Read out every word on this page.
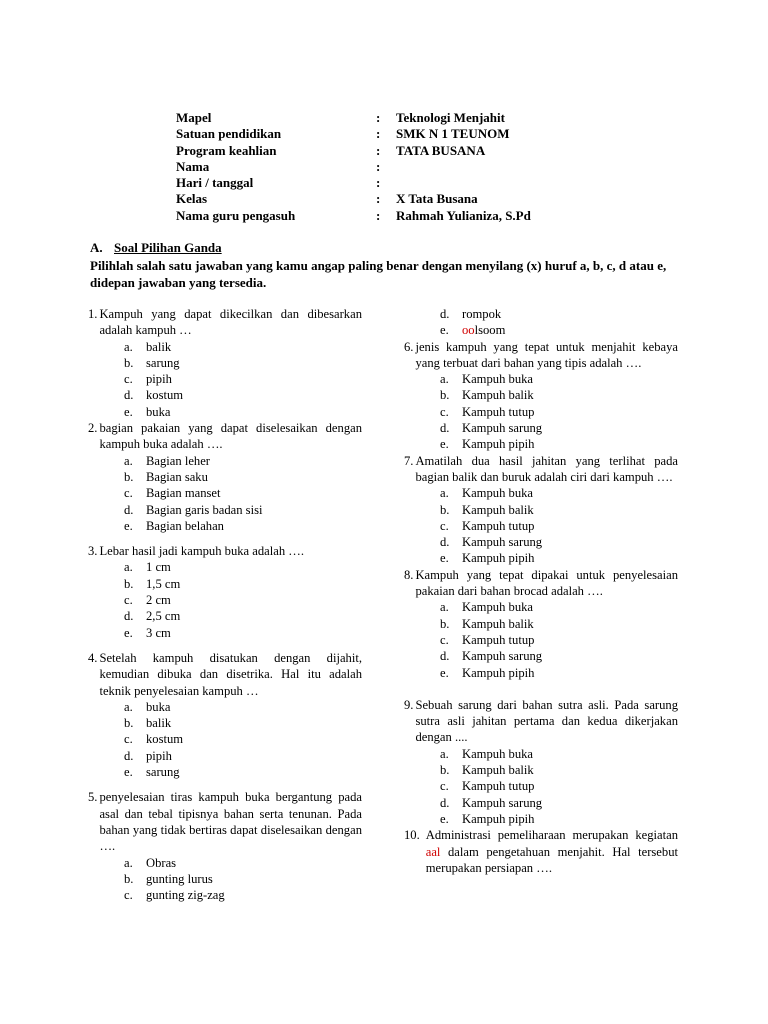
Mapel	:	Teknologi Menjahit
Satuan pendidikan	:	SMK N 1 TEUNOM
Program keahlian	:	TATA BUSANA
Nama	:
Hari / tanggal	:
Kelas	:	X Tata Busana
Nama guru pengasuh	:	Rahmah Yulianiza, S.Pd
A. Soal Pilihan Ganda
Pilihlah salah satu jawaban yang kamu angap paling benar dengan menyilang (x) huruf a, b, c, d atau e, didepan jawaban yang tersedia.
1. Kampuh yang dapat dikecilkan dan dibesarkan adalah kampuh …
a.	balik
b. sarung
c.	pipih
d. kostum
e.	buka
2. bagian pakaian yang dapat diselesaikan dengan kampuh buka adalah ….
a.	Bagian leher
b. Bagian saku
c.	Bagian manset
d. Bagian garis badan sisi
e.	Bagian belahan
3. Lebar hasil jadi kampuh buka adalah ….
a.	1 cm
b. 1,5 cm
c.	2 cm
d. 2,5 cm
e.	3 cm
4. Setelah kampuh disatukan dengan dijahit, kemudian dibuka dan disetrika. Hal itu adalah teknik penyelesaian kampuh …
a.	buka
b. balik
c.	kostum
d. pipih
e.	sarung
5. penyelesaian tiras kampuh buka bergantung pada asal dan tebal tipisnya bahan serta tenunan. Pada bahan yang tidak bertiras dapat diselesaikan dengan ….
a.	Obras
b. gunting lurus
c.	gunting zig-zag
d. rompok
e.	oolsoom
6. jenis kampuh yang tepat untuk menjahit kebaya yang terbuat dari bahan yang tipis adalah ….
a.	Kampuh buka
b. Kampuh balik
c.	Kampuh tutup
d. Kampuh sarung
e.	Kampuh pipih
7. Amatilah dua hasil jahitan yang terlihat pada bagian balik dan buruk adalah ciri dari kampuh ….
a.	Kampuh buka
b. Kampuh balik
c.	Kampuh tutup
d. Kampuh sarung
e.	Kampuh pipih
8. Kampuh yang tepat dipakai untuk penyelesaian pakaian dari bahan brocad adalah ….
a.	Kampuh buka
b. Kampuh balik
c.	Kampuh tutup
d. Kampuh sarung
e.	Kampuh pipih
9. Sebuah sarung dari bahan sutra asli. Pada sarung sutra asli jahitan pertama dan kedua dikerjakan dengan ....
a.	Kampuh buka
b. Kampuh balik
c.	Kampuh tutup
d. Kampuh sarung
e.	Kampuh pipih
10. Administrasi pemeliharaan merupakan kegiatan aal dalam pengetahuan menjahit. Hal tersebut merupakan persiapan ….
